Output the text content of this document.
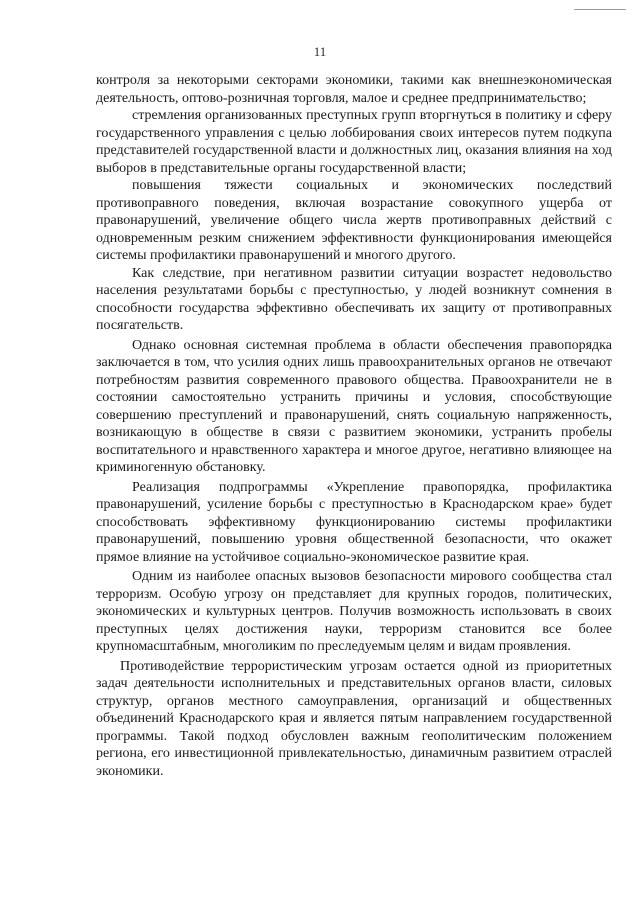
11

контроля за некоторыми секторами экономики, такими как внешнеэкономическая деятельность, оптово-розничная торговля, малое и среднее предпринимательство;

стремления организованных преступных групп вторгнуться в политику и сферу государственного управления с целью лоббирования своих интересов путем подкупа представителей государственной власти и должностных лиц, оказания влияния на ход выборов в представительные органы государственной власти;

повышения тяжести социальных и экономических последствий противоправного поведения, включая возрастание совокупного ущерба от правонарушений, увеличение общего числа жертв противоправных действий с одновременным резким снижением эффективности функционирования имеющейся системы профилактики правонарушений и многого другого.

Как следствие, при негативном развитии ситуации возрастет недовольство населения результатами борьбы с преступностью, у людей возникнут сомнения в способности государства эффективно обеспечивать их защиту от противоправных посягательств.

Однако основная системная проблема в области обеспечения правопорядка заключается в том, что усилия одних лишь правоохранительных органов не отвечают потребностям развития современного правового общества. Правоохранители не в состоянии самостоятельно устранить причины и условия, способствующие совершению преступлений и правонарушений, снять социальную напряженность, возникающую в обществе в связи с развитием экономики, устранить пробелы воспитательного и нравственного характера и многое другое, негативно влияющее на криминогенную обстановку.

Реализация подпрограммы «Укрепление правопорядка, профилактика правонарушений, усиление борьбы с преступностью в Краснодарском крае» будет способствовать эффективному функционированию системы профилактики правонарушений, повышению уровня общественной безопасности, что окажет прямое влияние на устойчивое социально-экономическое развитие края.

Одним из наиболее опасных вызовов безопасности мирового сообщества стал терроризм. Особую угрозу он представляет для крупных городов, политических, экономических и культурных центров. Получив возможность использовать в своих преступных целях достижения науки, терроризм становится все более крупномасштабным, многоликим по преследуемым целям и видам проявления.

Противодействие террористическим угрозам остается одной из приоритетных задач деятельности исполнительных и представительных органов власти, силовых структур, органов местного самоуправления, организаций и общественных объединений Краснодарского края и является пятым направлением государственной программы. Такой подход обусловлен важным геополитическим положением региона, его инвестиционной привлекательностью, динамичным развитием отраслей экономики.
